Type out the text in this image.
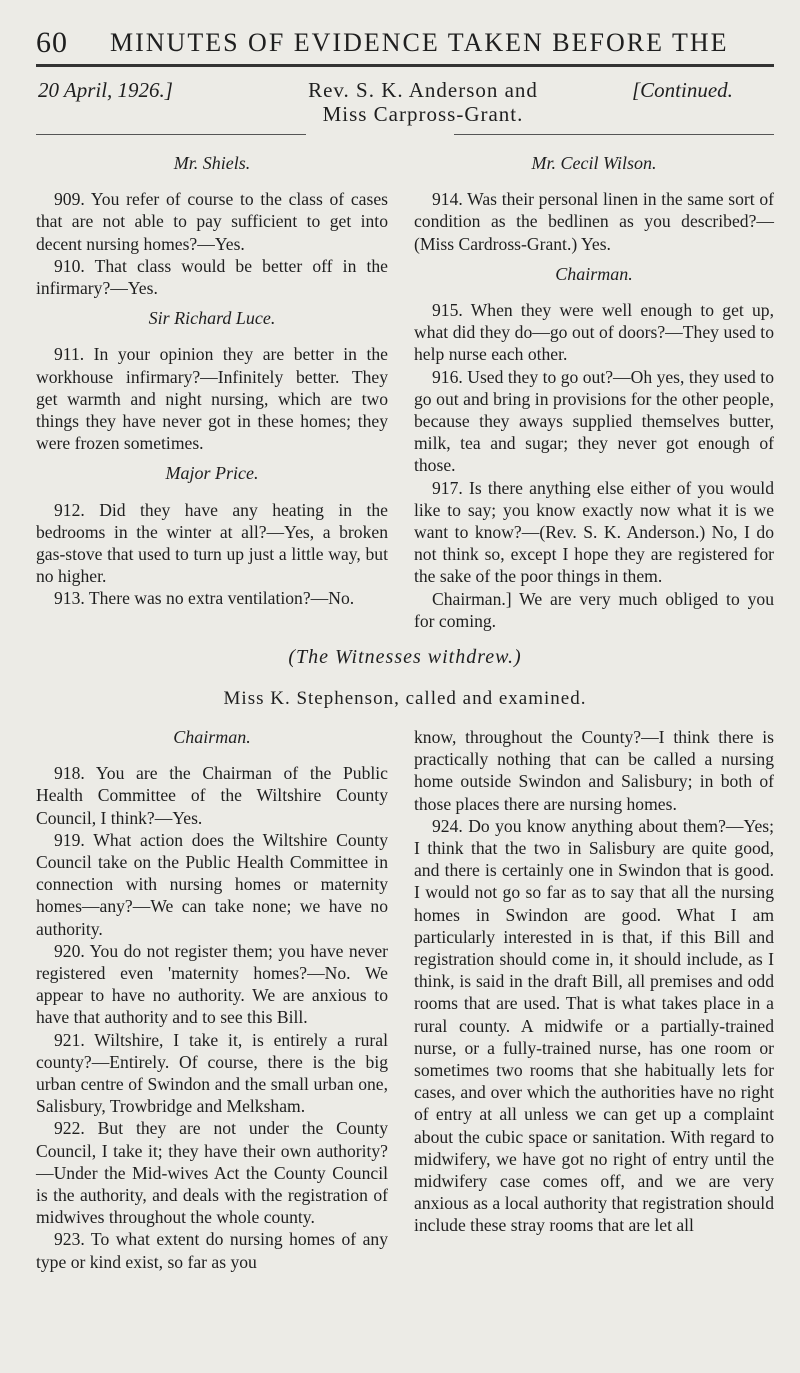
60 MINUTES OF EVIDENCE TAKEN BEFORE THE
20 April, 1926.]	Rev. S. K. Anderson and
Miss Carpross-Grant.
[Continued.
Mr. Shiels.

909. You refer of course to the class of cases that are not able to pay sufficient to get into decent nursing homes?—Yes.

910. That class would be better off in the infirmary?—Yes.

Sir Richard Luce.

911. In your opinion they are better in the workhouse infirmary?—Infinitely better. They get warmth and night nursing, which are two things they have never got in these homes; they were frozen sometimes.

Major Price.

912. Did they have any heating in the bedrooms in the winter at all?—Yes, a broken gas-stove that used to turn up just a little way, but no higher.

913. There was no extra ventilation?—No.

Mr. Cecil Wilson.

914. Was their personal linen in the same sort of condition as the bedlinen as you described?—(Miss Cardross-Grant.) Yes.

Chairman.

915. When they were well enough to get up, what did they do—go out of doors?—They used to help nurse each other.

916. Used they to go out?—Oh yes, they used to go out and bring in provisions for the other people, because they aways supplied themselves butter, milk, tea and sugar; they never got enough of those.

917. Is there anything else either of you would like to say; you know exactly now what it is we want to know?—(Rev. S. K. Anderson.) No, I do not think so, except I hope they are registered for the sake of the poor things in them.

Chairman.] We are very much obliged to you for coming.

(The Witnesses withdrew.)
Miss K. Stephenson, called and examined.
Chairman.

918. You are the Chairman of the Public Health Committee of the Wiltshire County Council, I think?—Yes.

919. What action does the Wiltshire County Council take on the Public Health Committee in connection with nursing homes or maternity homes—any?—We can take none; we have no authority.

920. You do not register them; you have never registered even 'maternity homes?—No. We appear to have no authority. We are anxious to have that authority and to see this Bill.

921. Wiltshire, I take it, is entirely a rural county?—Entirely. Of course, there is the big urban centre of Swindon and the small urban one, Salisbury, Trowbridge and Melksham.

922. But they are not under the County Council, I take it; they have their own authority?—Under the Mid-wives Act the County Council is the authority, and deals with the registration of midwives throughout the whole county.

923. To what extent do nursing homes of any type or kind exist, so far as you

know, throughout the County?—I think there is practically nothing that can be called a nursing home outside Swindon and Salisbury; in both of those places there are nursing homes.

924. Do you know anything about them?—Yes; I think that the two in Salisbury are quite good, and there is certainly one in Swindon that is good. I would not go so far as to say that all the nursing homes in Swindon are good. What I am particularly interested in is that, if this Bill and registration should come in, it should include, as I think, is said in the draft Bill, all premises and odd rooms that are used. That is what takes place in a rural county. A midwife or a partially-trained nurse, or a fully-trained nurse, has one room or sometimes two rooms that she habitually lets for cases, and over which the authorities have no right of entry at all unless we can get up a complaint about the cubic space or sanitation. With regard to midwifery, we have got no right of entry until the midwifery case comes off, and we are very anxious as a local authority that registration should include these stray rooms that are let all
